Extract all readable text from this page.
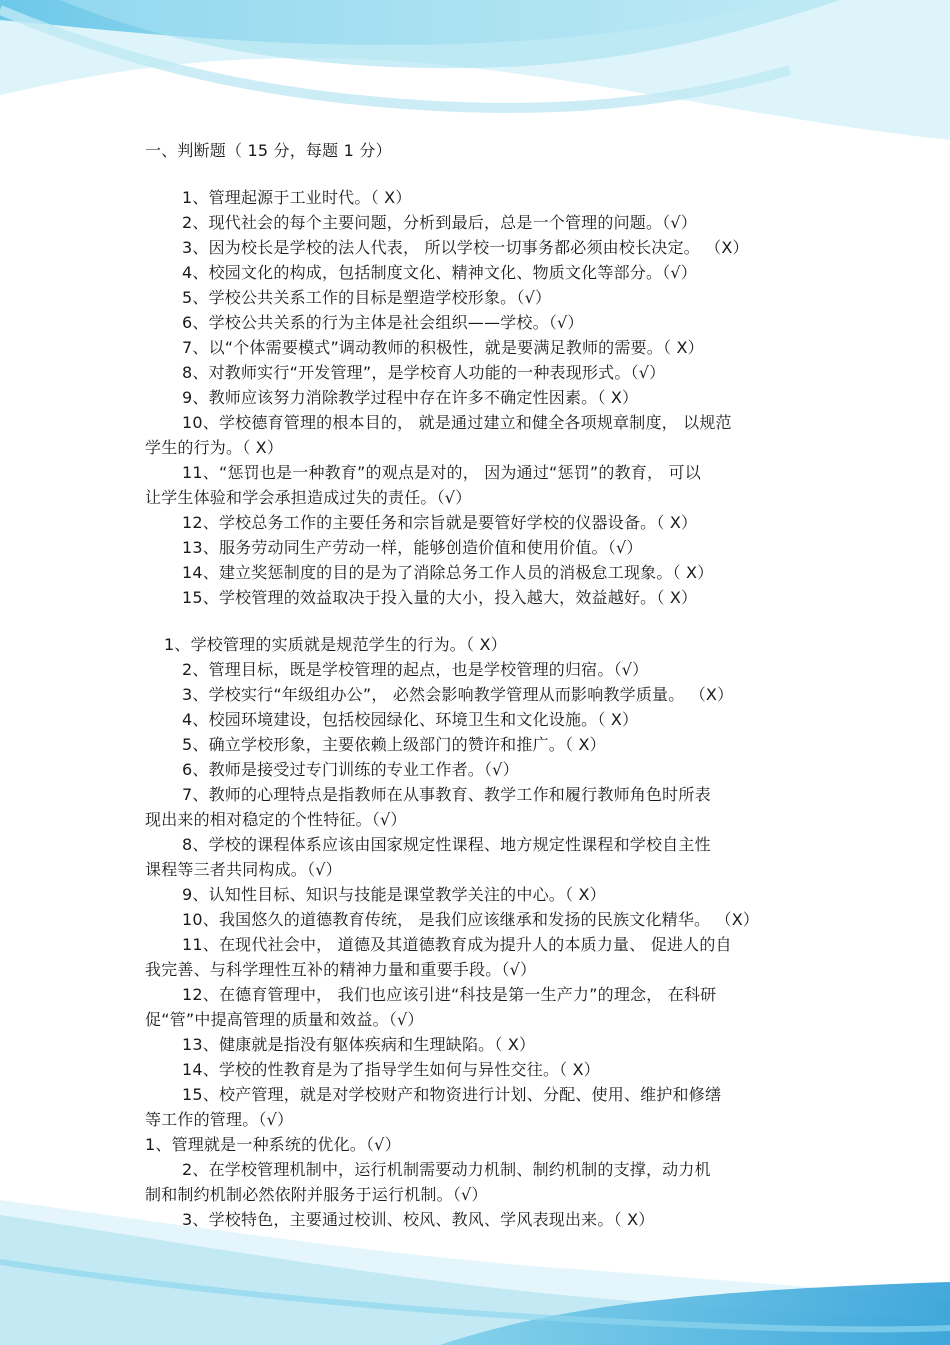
一、判断题（ 15 分，每题 1 分）
1、管理起源于工业时代。（ X）
2、现代社会的每个主要问题，分析到最后，总是一个管理的问题。（√）
3、因为校长是学校的法人代表， 所以学校一切事务都必须由校长决定。 （X）
4、校园文化的构成，包括制度文化、精神文化、物质文化等部分。（√）
5、学校公共关系工作的目标是塑造学校形象。（√）
6、学校公共关系的行为主体是社会组织——学校。（√）
7、以“个体需要模式”调动教师的积极性，就是要满足教师的需要。（ X）
8、对教师实行“开发管理”，是学校育人功能的一种表现形式。（√）
9、教师应该努力消除教学过程中存在许多不确定性因素。（ X）
10、学校德育管理的根本目的， 就是通过建立和健全各项规章制度， 以规范
学生的行为。（ X）
11、“惩罚也是一种教育”的观点是对的， 因为通过“惩罚”的教育， 可以
让学生体验和学会承担造成过失的责任。（√）
12、学校总务工作的主要任务和宗旨就是要管好学校的仪器设备。（ X）
13、服务劳动同生产劳动一样，能够创造价值和使用价值。（√）
14、建立奖惩制度的目的是为了消除总务工作人员的消极怠工现象。（ X）
15、学校管理的效益取决于投入量的大小，投入越大，效益越好。（ X）
1、学校管理的实质就是规范学生的行为。（ X）
2、管理目标，既是学校管理的起点，也是学校管理的归宿。（√）
3、学校实行“年级组办公”， 必然会影响教学管理从而影响教学质量。 （X）
4、校园环境建设，包括校园绿化、环境卫生和文化设施。（ X）
5、确立学校形象，主要依赖上级部门的赞许和推广。（ X）
6、教师是接受过专门训练的专业工作者。（√）
7、教师的心理特点是指教师在从事教育、教学工作和履行教师角色时所表
现出来的相对稳定的个性特征。（√）
8、学校的课程体系应该由国家规定性课程、地方规定性课程和学校自主性
课程等三者共同构成。（√）
9、认知性目标、知识与技能是课堂教学关注的中心。（ X）
10、我国悠久的道德教育传统， 是我们应该继承和发扬的民族文化精华。 （X）
11、在现代社会中， 道德及其道德教育成为提升人的本质力量、 促进人的自
我完善、与科学理性互补的精神力量和重要手段。（√）
12、在德育管理中， 我们也应该引进“科技是第一生产力”的理念， 在科研
促“管”中提高管理的质量和效益。（√）
13、健康就是指没有躯体疾病和生理缺陷。（ X）
14、学校的性教育是为了指导学生如何与异性交往。（ X）
15、校产管理，就是对学校财产和物资进行计划、分配、使用、维护和修缮
等工作的管理。（√）
1、管理就是一种系统的优化。（√）
2、在学校管理机制中，运行机制需要动力机制、制约机制的支撑，动力机
制和制约机制必然依附并服务于运行机制。（√）
3、学校特色，主要通过校训、校风、教风、学风表现出来。（ X）
